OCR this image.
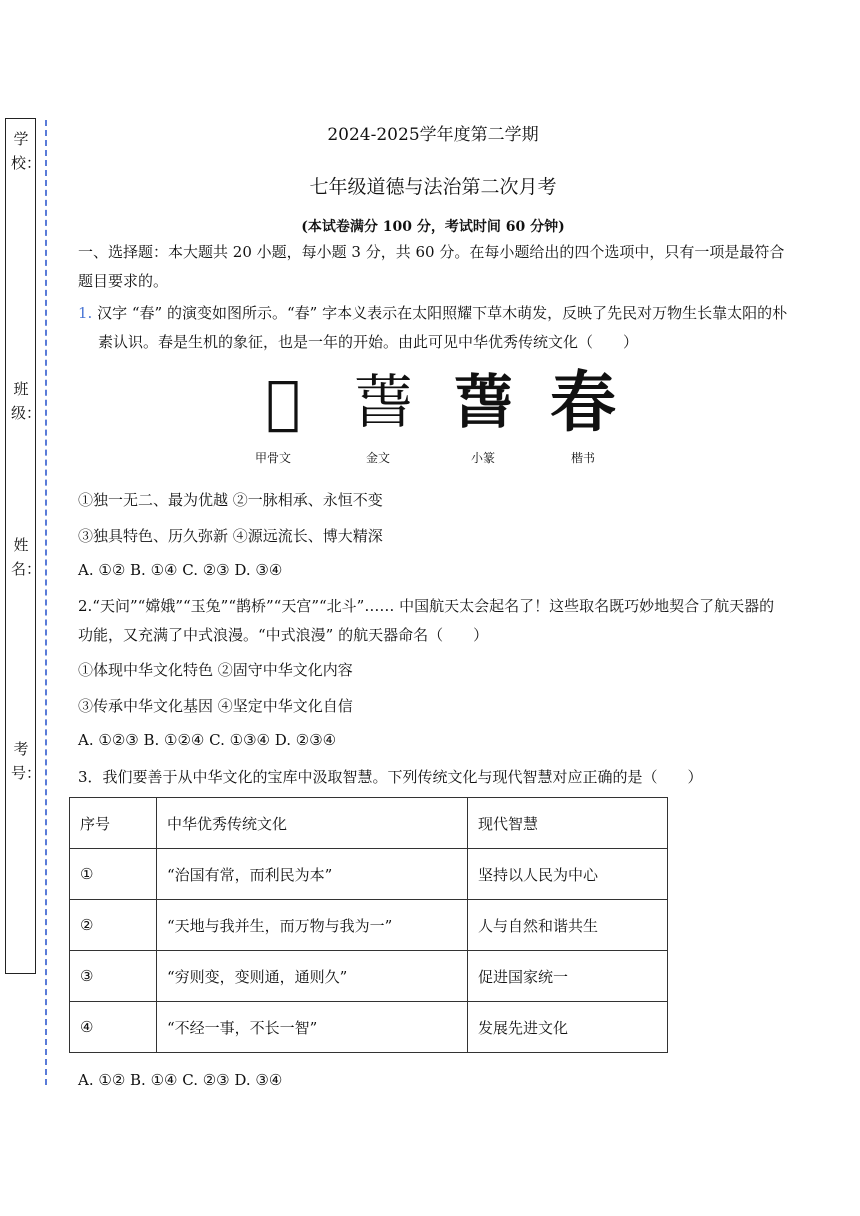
学校：
班级：
姓名：
考号：
2024-2025学年度第二学期
七年级道德与法治第二次月考
(本试卷满分 100 分，考试时间 60 分钟)
一、选择题：本大题共 20 小题，每小题 3 分，共 60 分。在每小题给出的四个选项中，只有一项是最符合题目要求的。
1. 汉字 “春” 的演变如图所示。“春” 字本义表示在太阳照耀下草木萌发，反映了先民对万物生长靠太阳的朴素认识。春是生机的象征，也是一年的开始。由此可见中华优秀传统文化（　　）
𣌢 萅 萅 春
甲骨文	金文	小篆	楷书
①独一无二、最为优越 ②一脉相承、永恒不变
③独具特色、历久弥新 ④源远流长、博大精深
A. ①② B. ①④ C. ②③ D. ③④
2.“天问”“嫦娥”“玉兔”“鹊桥”“天宫”“北斗”…… 中国航天太会起名了！这些取名既巧妙地契合了航天器的功能，又充满了中式浪漫。“中式浪漫” 的航天器命名（　　）
①体现中华文化特色 ②固守中华文化内容
③传承中华文化基因 ④坚定中华文化自信
A. ①②③ B. ①②④ C. ①③④ D. ②③④
3．我们要善于从中华文化的宝库中汲取智慧。下列传统文化与现代智慧对应正确的是（　　）
序号	中华优秀传统文化	现代智慧
①	“治国有常，而利民为本”	坚持以人民为中心
②	“天地与我并生，而万物与我为一”	人与自然和谐共生
③	“穷则变，变则通，通则久”	促进国家统一
④	“不经一事，不长一智”	发展先进文化
A. ①② B. ①④ C. ②③ D. ③④
